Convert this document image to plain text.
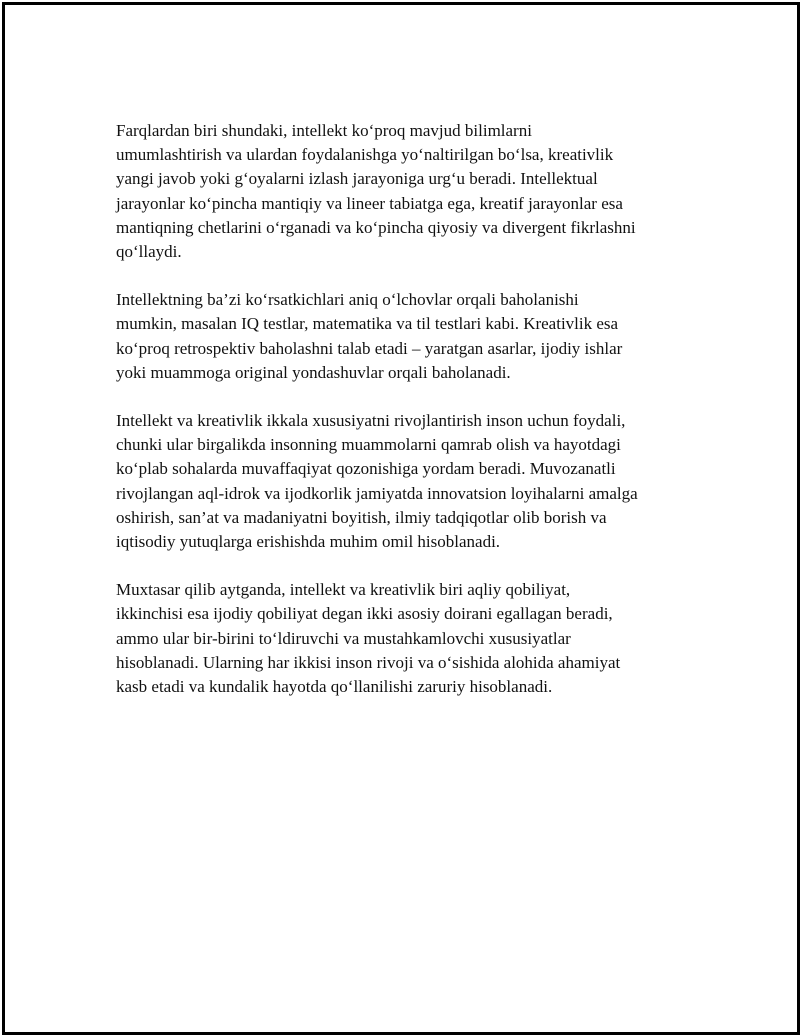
Farqlardan biri shundaki, intellekt ko‘proq mavjud bilimlarni
umumlashtirish va ulardan foydalanishga yo‘naltirilgan bo‘lsa, kreativlik
yangi javob yoki g‘oyalarni izlash jarayoniga urg‘u beradi. Intellektual
jarayonlar ko‘pincha mantiqiy va lineer tabiatga ega, kreatif jarayonlar esa
mantiqning chetlarini o‘rganadi va ko‘pincha qiyosiy va divergent fikrlashni
qo‘llaydi.

Intellektning ba’zi ko‘rsatkichlari aniq o‘lchovlar orqali baholanishi
mumkin, masalan IQ testlar, matematika va til testlari kabi. Kreativlik esa
ko‘proq retrospektiv baholashni talab etadi – yaratgan asarlar, ijodiy ishlar
yoki muammoga original yondashuvlar orqali baholanadi.

Intellekt va kreativlik ikkala xususiyatni rivojlantirish inson uchun foydali,
chunki ular birgalikda insonning muammolarni qamrab olish va hayotdagi
ko‘plab sohalarda muvaffaqiyat qozonishiga yordam beradi. Muvozanatli
rivojlangan aql-idrok va ijodkorlik jamiyatda innovatsion loyihalarni amalga
oshirish, san’at va madaniyatni boyitish, ilmiy tadqiqotlar olib borish va
iqtisodiy yutuqlarga erishishda muhim omil hisoblanadi.

Muxtasar qilib aytganda, intellekt va kreativlik biri aqliy qobiliyat,
ikkinchisi esa ijodiy qobiliyat degan ikki asosiy doirani egallagan beradi,
ammo ular bir-birini to‘ldiruvchi va mustahkamlovchi xususiyatlar
hisoblanadi. Ularning har ikkisi inson rivoji va o‘sishida alohida ahamiyat
kasb etadi va kundalik hayotda qo‘llanilishi zaruriy hisoblanadi.
